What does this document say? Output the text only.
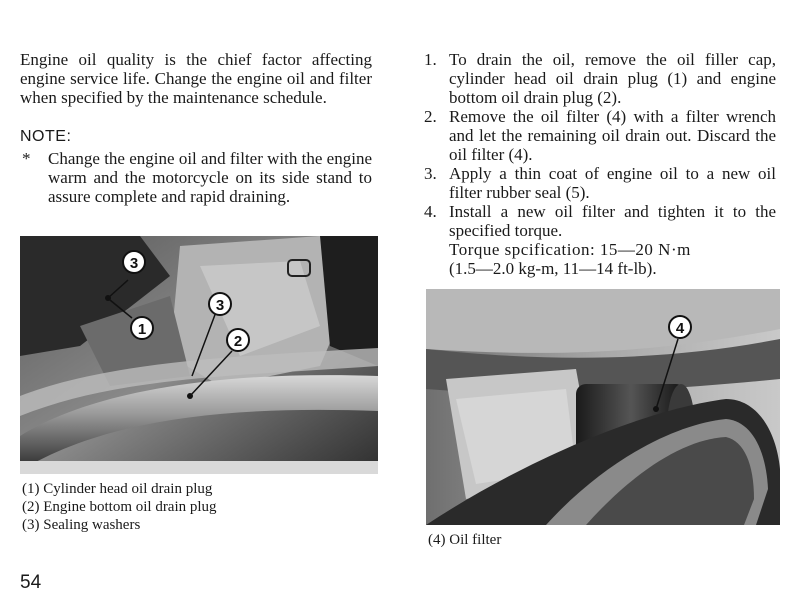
Engine oil quality is the chief factor affecting engine service life. Change the engine oil and filter when specified by the maintenance schedule.
NOTE:
* Change the engine oil and filter with the engine warm and the motorcycle on its side stand to assure complete and rapid draining.
1. To drain the oil, remove the oil filler cap, cylinder head oil drain plug (1) and engine bottom oil drain plug (2).
2. Remove the oil filter (4) with a filter wrench and let the remaining oil drain out. Discard the oil filter (4).
3. Apply a thin coat of engine oil to a new oil filter rubber seal (5).
4. Install a new oil filter and tighten it to the specified torque.
Torque spcification: 15—20 N·m
(1.5—2.0 kg-m, 11—14 ft-lb).
3
1
3
2
(1) Cylinder head oil drain plug
(2) Engine bottom oil drain plug
(3) Sealing washers
4
(4) Oil filter
54
